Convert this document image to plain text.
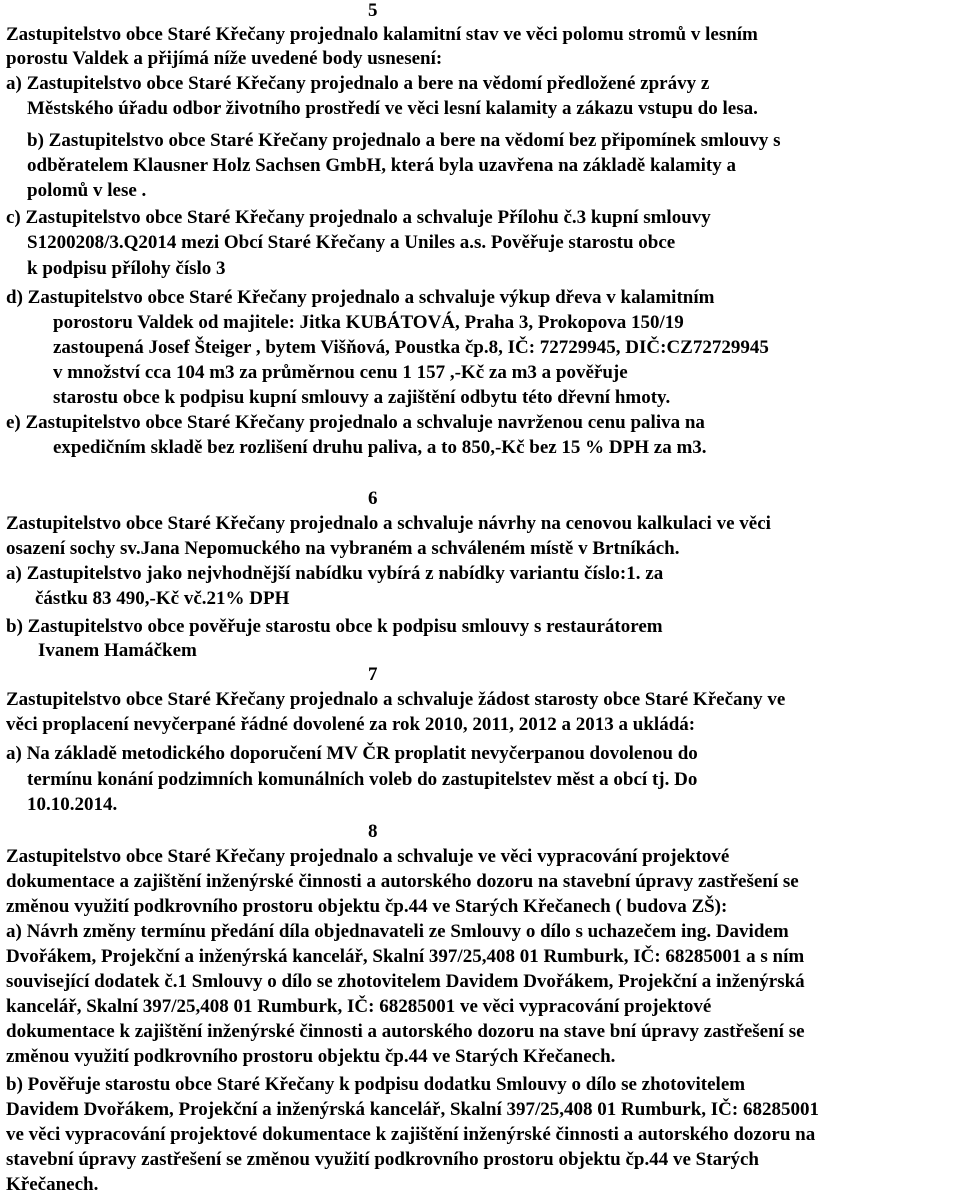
5
Zastupitelstvo obce Staré Křečany projednalo kalamitní stav ve věci polomu stromů v lesním
porostu Valdek a přijímá níže uvedené body usnesení:
a) Zastupitelstvo obce Staré Křečany projednalo a bere na vědomí předložené zprávy z
Městského úřadu odbor životního prostředí ve věci lesní kalamity a zákazu vstupu do lesa.
b) Zastupitelstvo obce Staré Křečany projednalo a bere na vědomí bez připomínek smlouvy s
odběratelem Klausner Holz Sachsen GmbH, která byla uzavřena na základě kalamity a
polomů v lese .
c) Zastupitelstvo obce Staré Křečany projednalo a schvaluje Přílohu č.3 kupní smlouvy
S1200208/3.Q2014 mezi Obcí Staré Křečany a Uniles a.s. Pověřuje starostu obce
k podpisu přílohy číslo 3
d) Zastupitelstvo obce Staré Křečany projednalo a schvaluje výkup dřeva v kalamitním
porostoru Valdek od majitele: Jitka KUBÁTOVÁ, Praha 3, Prokopova 150/19
zastoupená Josef Šteiger , bytem Višňová, Poustka čp.8, IČ: 72729945, DIČ:CZ72729945
v množství cca 104 m3 za průměrnou cenu 1 157 ,-Kč za m3 a pověřuje
starostu obce k podpisu kupní smlouvy a zajištění odbytu této dřevní hmoty.
e) Zastupitelstvo obce Staré Křečany projednalo a schvaluje navrženou cenu paliva na
expedičním skladě bez rozlišení druhu paliva, a to 850,-Kč bez 15 % DPH za m3.
6
Zastupitelstvo obce Staré Křečany projednalo a schvaluje návrhy na cenovou kalkulaci ve věci
osazení sochy sv.Jana Nepomuckého na vybraném a schváleném místě v Brtníkách.
a) Zastupitelstvo jako nejvhodnější nabídku vybírá z nabídky variantu číslo:1. za
částku 83 490,-Kč vč.21% DPH
b) Zastupitelstvo obce pověřuje starostu obce k podpisu smlouvy s restaurátorem
Ivanem Hamáčkem
7
Zastupitelstvo obce Staré Křečany projednalo a schvaluje žádost starosty obce Staré Křečany ve
věci proplacení nevyčerpané řádné dovolené za rok 2010, 2011, 2012 a 2013 a ukládá:
a) Na základě metodického doporučení MV ČR proplatit nevyčerpanou dovolenou do
termínu konání podzimních komunálních voleb do zastupitelstev měst a obcí tj. Do
10.10.2014.
8
Zastupitelstvo obce Staré Křečany projednalo a schvaluje ve věci vypracování projektové
dokumentace a zajištění inženýrské činnosti a autorského dozoru na stavební úpravy zastřešení se
změnou využití podkrovního prostoru objektu čp.44 ve Starých Křečanech ( budova ZŠ):
a) Návrh změny termínu předání díla objednavateli ze Smlouvy o dílo s uchazečem ing. Davidem
Dvořákem, Projekční a inženýrská kancelář, Skalní 397/25,408 01 Rumburk, IČ: 68285001 a s ním
související dodatek č.1 Smlouvy o dílo se zhotovitelem Davidem Dvořákem, Projekční a inženýrská
kancelář, Skalní 397/25,408 01 Rumburk, IČ: 68285001 ve věci vypracování projektové
dokumentace k zajištění inženýrské činnosti a autorského dozoru na stave bní úpravy zastřešení se
změnou využití podkrovního prostoru objektu čp.44 ve Starých Křečanech.
b) Pověřuje starostu obce Staré Křečany k podpisu dodatku Smlouvy o dílo se zhotovitelem
Davidem Dvořákem, Projekční a inženýrská kancelář, Skalní 397/25,408 01 Rumburk, IČ: 68285001
ve věci vypracování projektové dokumentace k zajištění inženýrské činnosti a autorského dozoru na
stavební úpravy zastřešení se změnou využití podkrovního prostoru objektu čp.44 ve Starých
Křečanech.
